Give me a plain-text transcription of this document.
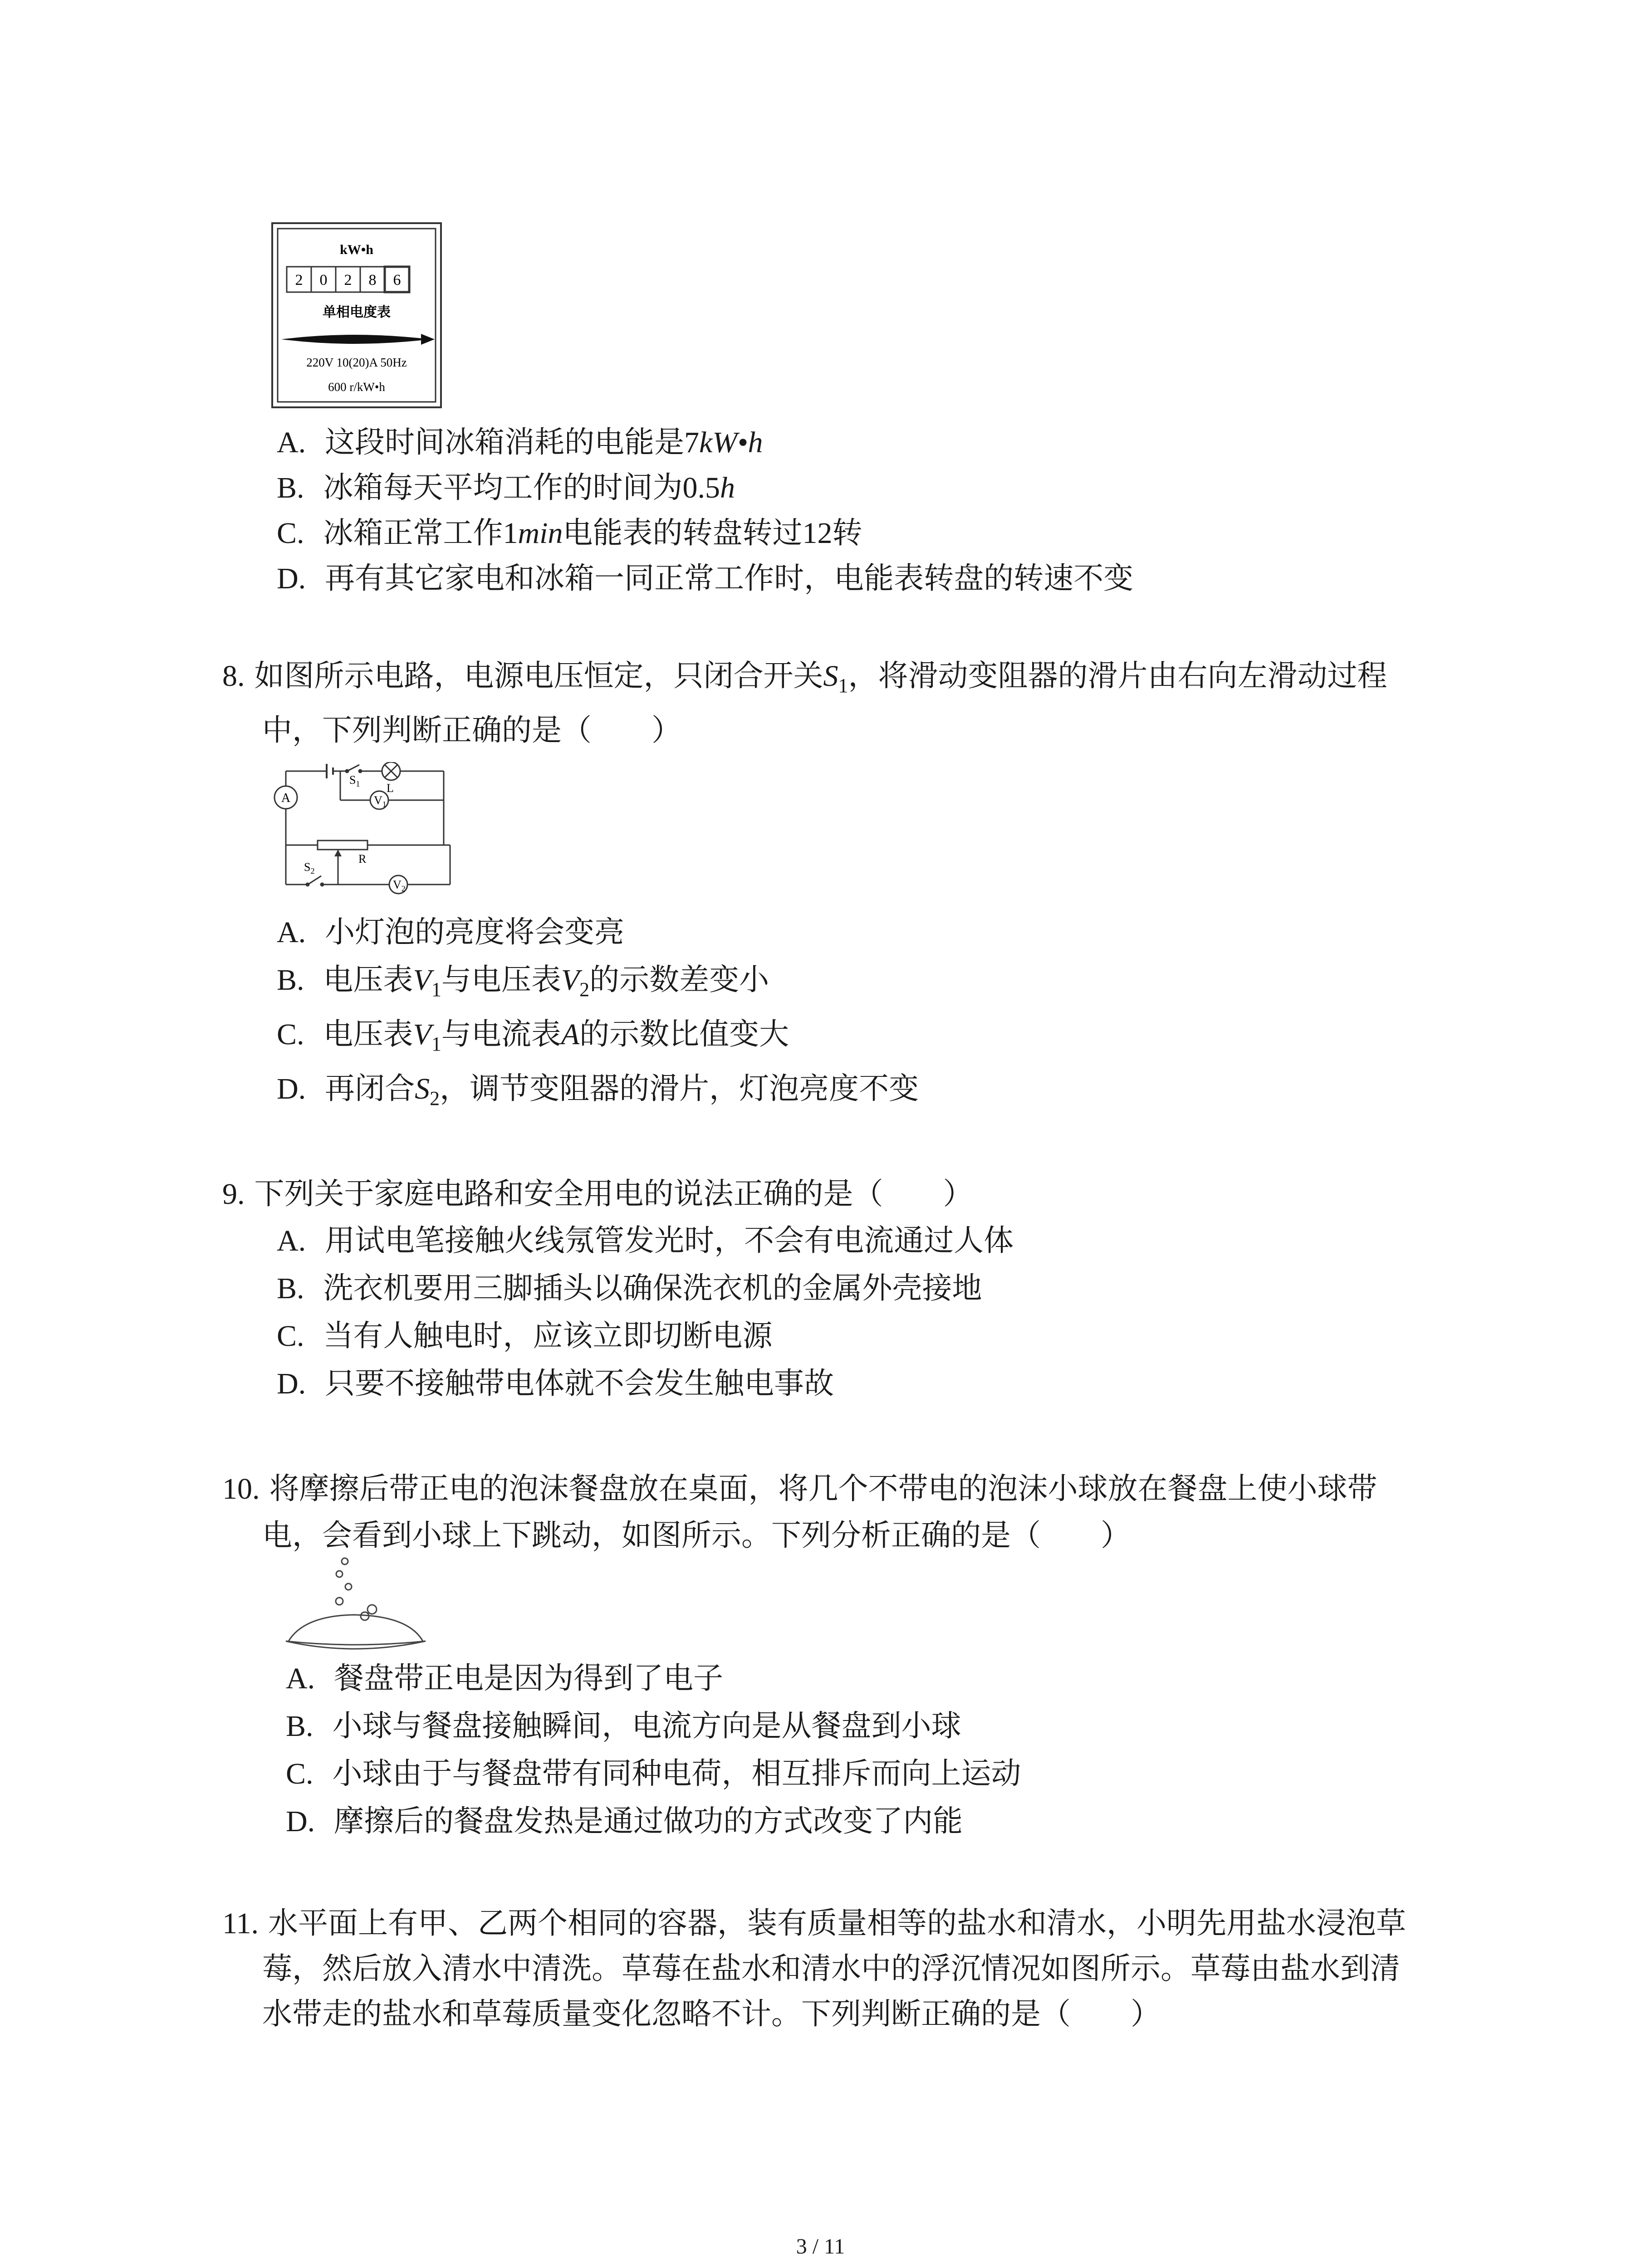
kW•h
2 0 2 8 6
单相电度表
220V 10(20)A 50Hz
600 r/kW•h
A. 这段时间冰箱消耗的电能是7kW•h
B. 冰箱每天平均工作的时间为0.5h
C. 冰箱正常工作1min电能表的转盘转过12转
D. 再有其它家电和冰箱一同正常工作时，电能表转盘的转速不变
8. 如图所示电路，电源电压恒定，只闭合开关$S_1$，将滑动变阻器的滑片由右向左滑动过程
中，下列判断正确的是（　　）
A
$S_1$ L
$V_1$
$S_2$
R
$V_2$
A. 小灯泡的亮度将会变亮
B. 电压表$V_1$与电压表$V_2$的示数差变小
C. 电压表$V_1$与电流表A的示数比值变大
D. 再闭合$S_2$，调节变阻器的滑片，灯泡亮度不变
9. 下列关于家庭电路和安全用电的说法正确的是（　　）
A. 用试电笔接触火线氖管发光时，不会有电流通过人体
B. 洗衣机要用三脚插头以确保洗衣机的金属外壳接地
C. 当有人触电时，应该立即切断电源
D. 只要不接触带电体就不会发生触电事故
10. 将摩擦后带正电的泡沫餐盘放在桌面，将几个不带电的泡沫小球放在餐盘上使小球带
电，会看到小球上下跳动，如图所示。下列分析正确的是（　　）
A. 餐盘带正电是因为得到了电子
B. 小球与餐盘接触瞬间，电流方向是从餐盘到小球
C. 小球由于与餐盘带有同种电荷，相互排斥而向上运动
D. 摩擦后的餐盘发热是通过做功的方式改变了内能
11. 水平面上有甲、乙两个相同的容器，装有质量相等的盐水和清水，小明先用盐水浸泡草
莓，然后放入清水中清洗。草莓在盐水和清水中的浮沉情况如图所示。草莓由盐水到清
水带走的盐水和草莓质量变化忽略不计。下列判断正确的是（　　）
3 / 11
